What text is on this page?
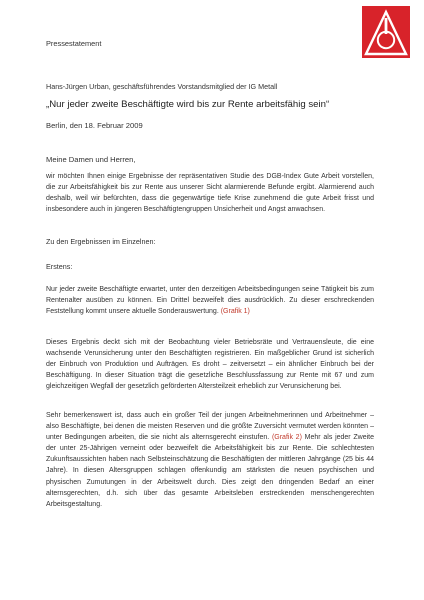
Pressestatement
Hans-Jürgen Urban, geschäftsführendes Vorstandsmitglied der IG Metall
„Nur jeder zweite Beschäftigte wird bis zur Rente arbeitsfähig sein“
Berlin, den 18. Februar 2009
Meine Damen und Herren,
wir möchten Ihnen einige Ergebnisse der repräsentativen Studie des DGB-Index Gute Arbeit vorstellen, die zur Arbeitsfähigkeit bis zur Rente aus unserer Sicht alarmierende Befunde ergibt. Alarmierend auch deshalb, weil wir befürchten, dass die gegenwärtige tiefe Krise zunehmend die gute Arbeit frisst und insbesondere auch in jüngeren Beschäftigtengruppen Unsicherheit und Angst anwachsen.
Zu den Ergebnissen im Einzelnen:
Erstens:
Nur jeder zweite Beschäftigte erwartet, unter den derzeitigen Arbeitsbedingungen seine Tätigkeit bis zum Rentenalter ausüben zu können. Ein Drittel bezweifelt dies ausdrücklich. Zu dieser erschreckenden Feststellung kommt unsere aktuelle Sonderauswertung. (Grafik 1)
Dieses Ergebnis deckt sich mit der Beobachtung vieler Betriebsräte und Vertrauensleute, die eine wachsende Verunsicherung unter den Beschäftigten registrieren. Ein maßgeblicher Grund ist sicherlich der Einbruch von Produktion und Aufträgen. Es droht – zeitversetzt – ein ähnlicher Einbruch bei der Beschäftigung. In dieser Situation trägt die gesetzliche Beschlussfassung zur Rente mit 67 und zum gleichzeitigen Wegfall der gesetzlich geförderten Altersteilzeit erheblich zur Verunsicherung bei.
Sehr bemerkenswert ist, dass auch ein großer Teil der jungen Arbeitnehmerinnen und Arbeitnehmer – also Beschäftigte, bei denen die meisten Reserven und die größte Zuversicht vermutet werden könnten – unter Bedingungen arbeiten, die sie nicht als alternsgerecht einstufen. (Grafik 2) Mehr als jeder Zweite der unter 25-Jährigen verneint oder bezweifelt die Arbeitsfähigkeit bis zur Rente. Die schlechtesten Zukunftsaussichten haben nach Selbsteinschätzung die Beschäftigten der mittleren Jahrgänge (25 bis 44 Jahre). In diesen Altersgruppen schlagen offenkundig am stärksten die neuen psychischen und physischen Zumutungen in der Arbeitswelt durch. Dies zeigt den dringenden Bedarf an einer alternsgerechten, d.h. sich über das gesamte Arbeitsleben erstreckenden menschengerechten Arbeitsgestaltung.
